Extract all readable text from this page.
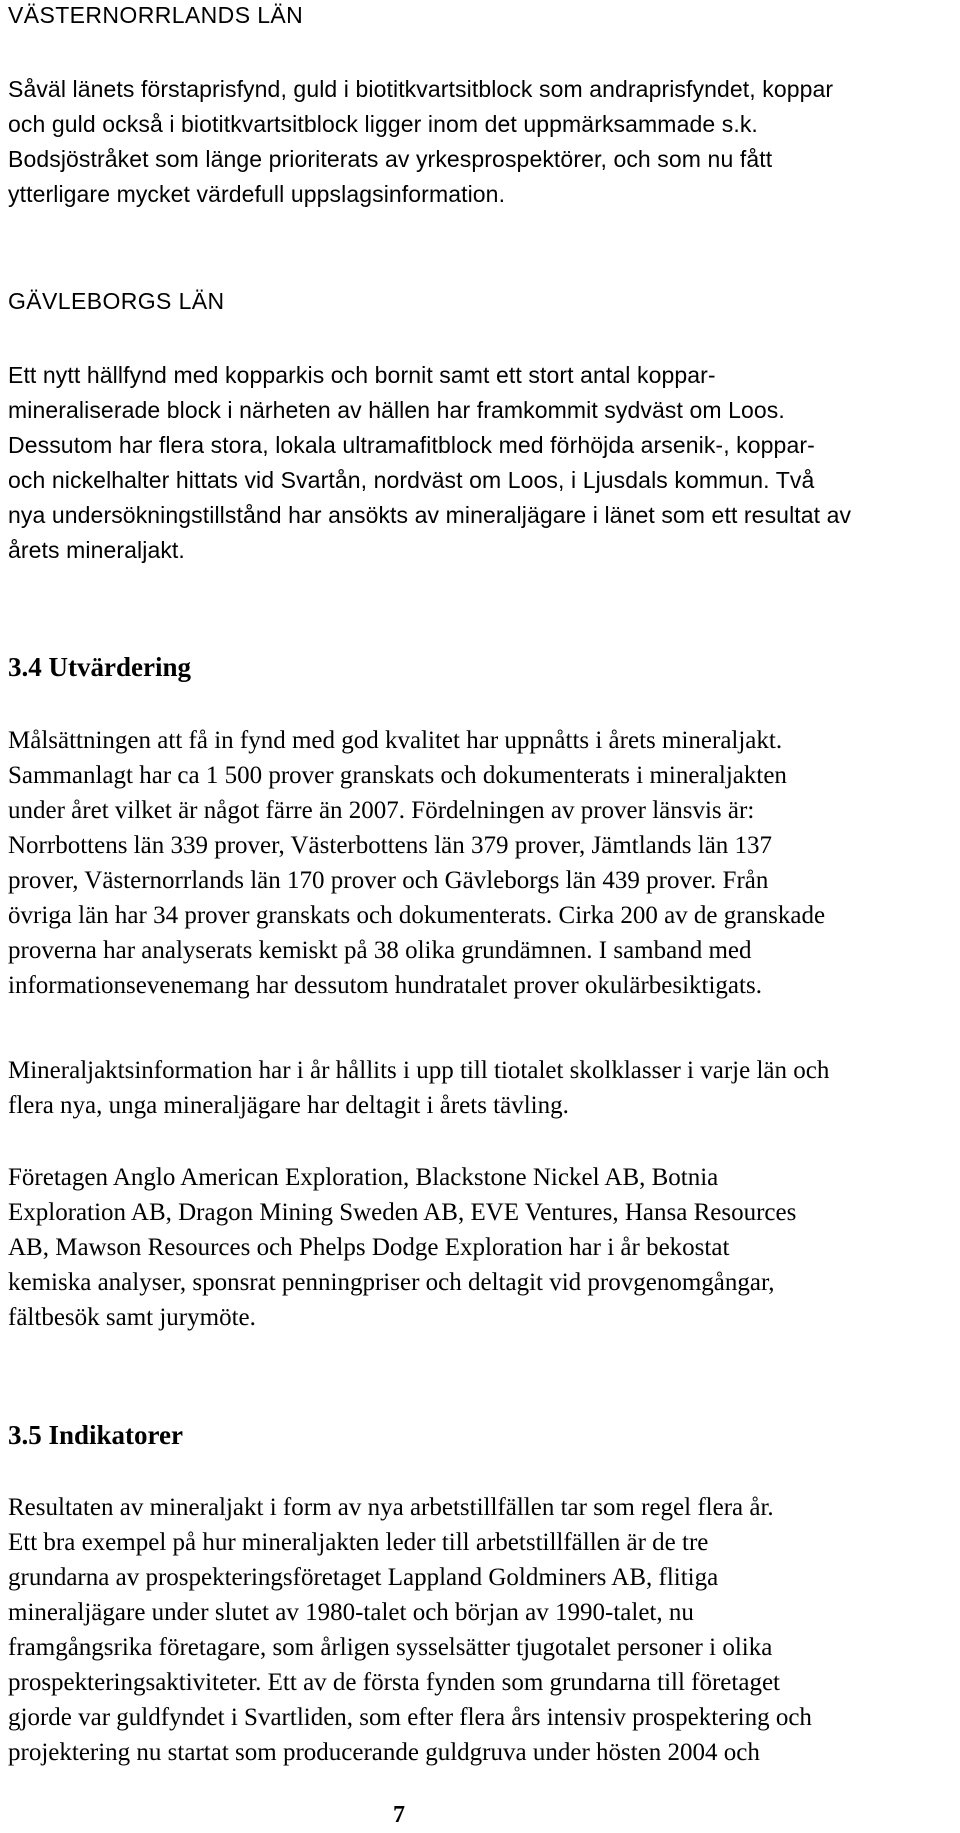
VÄSTERNORRLANDS LÄN
Såväl länets förstaprisfynd, guld i biotitkvartsitblock som andraprisfyndet, koppar
och guld också i biotitkvartsitblock ligger inom det uppmärksammade s.k.
Bodsjöstråket som länge prioriterats av yrkesprospektörer, och som nu fått
ytterligare mycket värdefull uppslagsinformation.
GÄVLEBORGS LÄN
Ett nytt hällfynd med kopparkis och bornit samt ett stort antal koppar-
mineraliserade block i närheten av hällen har framkommit sydväst om Loos.
Dessutom har flera stora, lokala ultramafitblock med förhöjda arsenik-, koppar-
och nickelhalter hittats vid Svartån, nordväst om Loos, i Ljusdals kommun. Två
nya undersökningstillstånd har ansökts av mineraljägare i länet som ett resultat av
årets mineraljakt.
3.4 Utvärdering
Målsättningen att få in fynd med god kvalitet har uppnåtts i årets mineraljakt.
Sammanlagt har ca 1 500 prover granskats och dokumenterats i mineraljakten
under året vilket är något färre än 2007. Fördelningen av prover länsvis är:
Norrbottens län 339 prover, Västerbottens län 379 prover, Jämtlands län 137
prover, Västernorrlands län 170 prover och Gävleborgs län 439 prover. Från
övriga län har 34 prover granskats och dokumenterats. Cirka 200 av de granskade
proverna har analyserats kemiskt på 38 olika grundämnen. I samband med
informationsevenemang har dessutom hundratalet prover okulärbesiktigats.
Mineraljaktsinformation har i år hållits i upp till tiotalet skolklasser i varje län och
flera nya, unga mineraljägare har deltagit i årets tävling.
Företagen Anglo American Exploration, Blackstone Nickel AB, Botnia
Exploration AB, Dragon Mining Sweden AB, EVE Ventures, Hansa Resources
AB, Mawson Resources och Phelps Dodge Exploration har i år bekostat
kemiska analyser, sponsrat penningpriser och deltagit vid provgenomgångar,
fältbesök samt jurymöte.
3.5 Indikatorer
Resultaten av mineraljakt i form av nya arbetstillfällen tar som regel flera år.
Ett bra exempel på hur mineraljakten leder till arbetstillfällen är de tre
grundarna av prospekteringsföretaget Lappland Goldminers AB, flitiga
mineraljägare under slutet av 1980-talet och början av 1990-talet, nu
framgångsrika företagare, som årligen sysselsätter tjugotalet personer i olika
prospekteringsaktiviteter. Ett av de första fynden som grundarna till företaget
gjorde var guldfyndet i Svartliden, som efter flera års intensiv prospektering och
projektering nu startat som producerande guldgruva under hösten 2004 och
7
